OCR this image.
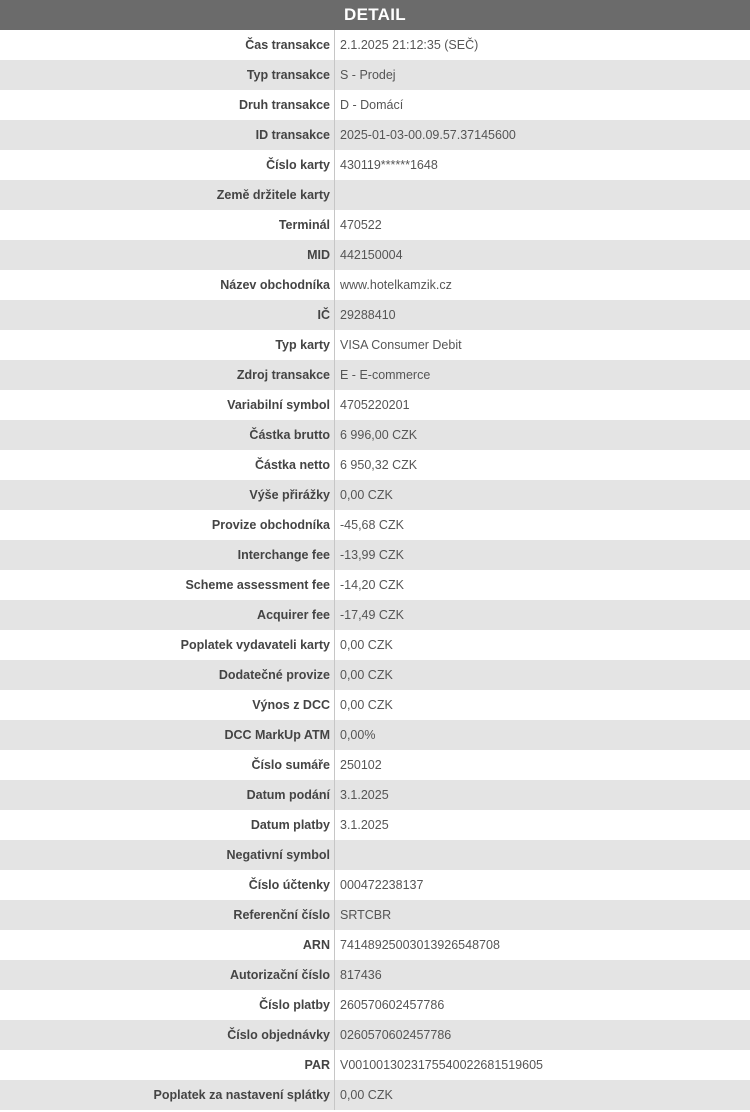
DETAIL
Čas transakce 2.1.2025 21:12:35 (SEČ)
Typ transakce S - Prodej
Druh transakce D - Domácí
ID transakce 2025-01-03-00.09.57.37145600
Číslo karty 430119******1648
Země držitele karty
Terminál 470522
MID 442150004
Název obchodníka www.hotelkamzik.cz
IČ 29288410
Typ karty VISA Consumer Debit
Zdroj transakce E - E-commerce
Variabilní symbol 4705220201
Částka brutto 6 996,00 CZK
Částka netto 6 950,32 CZK
Výše přirážky 0,00 CZK
Provize obchodníka -45,68 CZK
Interchange fee -13,99 CZK
Scheme assessment fee -14,20 CZK
Acquirer fee -17,49 CZK
Poplatek vydavateli karty 0,00 CZK
Dodatečné provize 0,00 CZK
Výnos z DCC 0,00 CZK
DCC MarkUp ATM 0,00%
Číslo sumáře 250102
Datum podání 3.1.2025
Datum platby 3.1.2025
Negativní symbol
Číslo účtenky 000472238137
Referenční číslo SRTCBR
ARN 74148925003013926548708
Autorizační číslo 817436
Číslo platby 260570602457786
Číslo objednávky 0260570602457786
PAR V0010013023175540022681519605
Poplatek za nastavení splátky 0,00 CZK
